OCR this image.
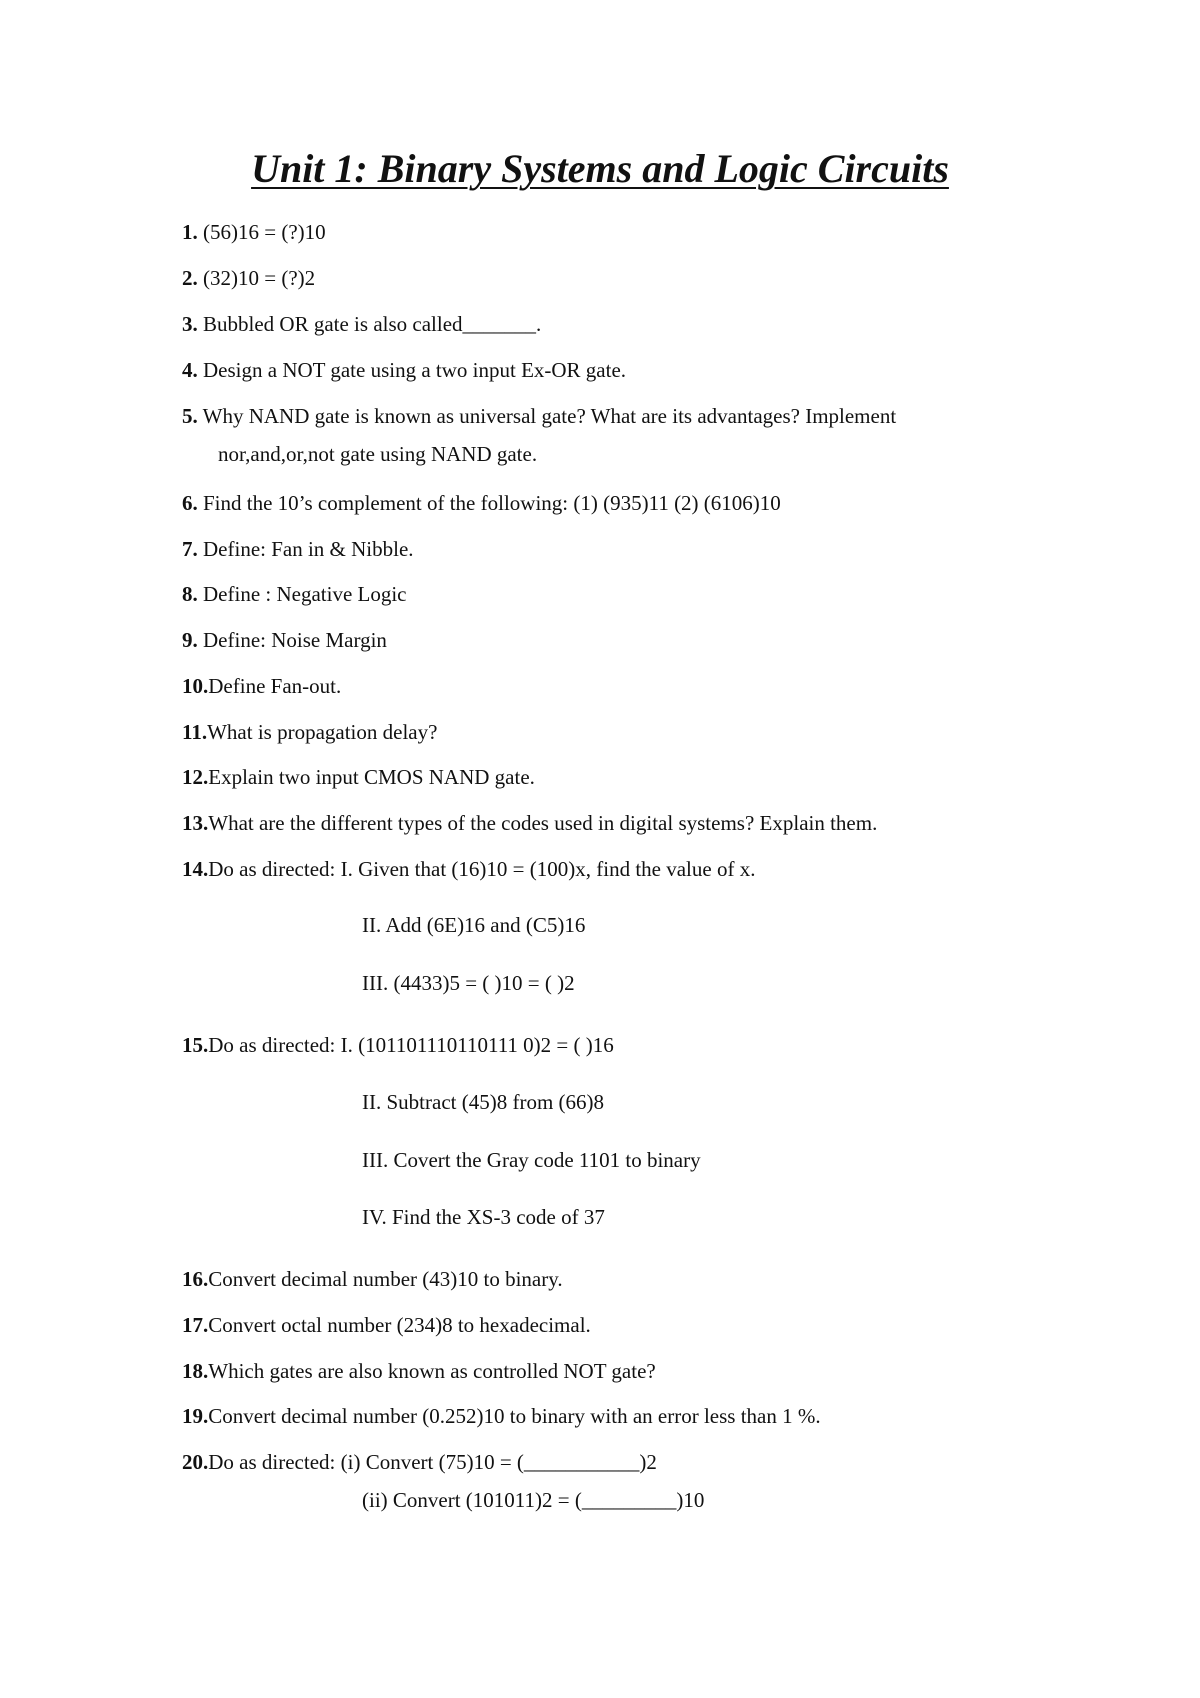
Unit 1: Binary Systems and Logic Circuits
1. (56)16 = (?)10
2. (32)10 = (?)2
3. Bubbled OR gate is also called_______.
4. Design a NOT gate using a two input Ex-OR gate.
5. Why NAND gate is known as universal gate? What are its advantages? Implement
nor,and,or,not gate using NAND gate.
6. Find the 10’s complement of the following: (1) (935)11 (2) (6106)10
7. Define: Fan in & Nibble.
8. Define : Negative Logic
9. Define: Noise Margin
10.Define Fan-out.
11.What is propagation delay?
12.Explain two input CMOS NAND gate.
13.What are the different types of the codes used in digital systems? Explain them.
14.Do as directed: I. Given that (16)10 = (100)x, find the value of x.
II. Add (6E)16 and (C5)16
III. (4433)5 = ( )10 = ( )2
15.Do as directed: I. (101101110110111 0)2 = ( )16
II. Subtract (45)8 from (66)8
III. Covert the Gray code 1101 to binary
IV. Find the XS-3 code of 37
16.Convert decimal number (43)10 to binary.
17.Convert octal number (234)8 to hexadecimal.
18.Which gates are also known as controlled NOT gate?
19.Convert decimal number (0.252)10 to binary with an error less than 1 %.
20.Do as directed: (i) Convert (75)10 = (___________)2
(ii) Convert (101011)2 = (_________)10
